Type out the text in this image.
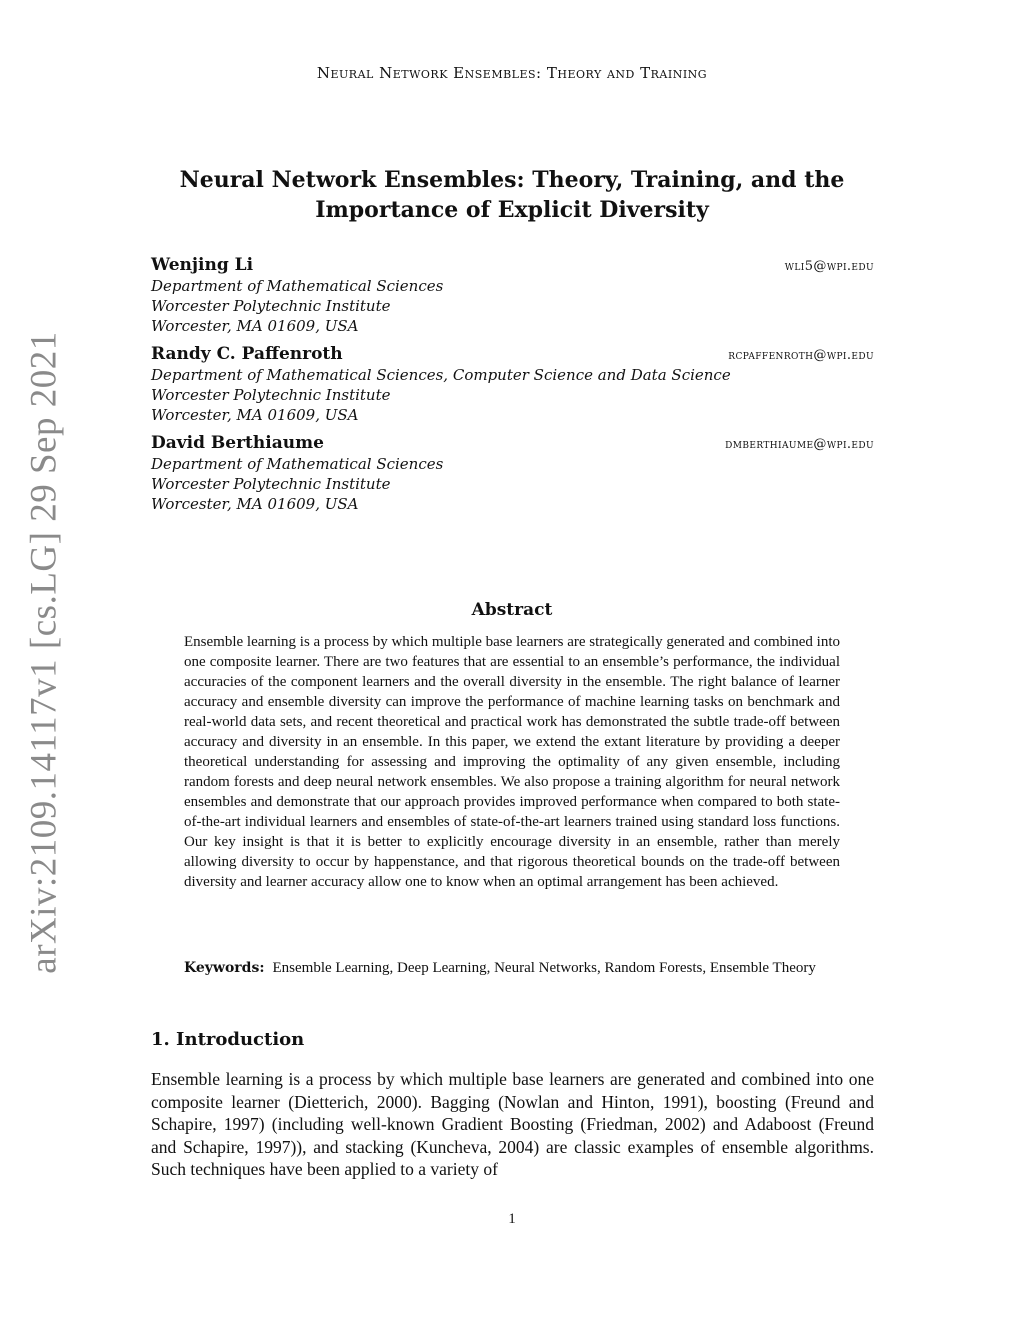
Neural Network Ensembles: Theory and Training
arXiv:2109.14117v1 [cs.LG] 29 Sep 2021
Neural Network Ensembles: Theory, Training, and the Importance of Explicit Diversity
Wenjing Li	wli5@wpi.edu
Department of Mathematical Sciences
Worcester Polytechnic Institute
Worcester, MA 01609, USA
Randy C. Paffenroth	rcpaffenroth@wpi.edu
Department of Mathematical Sciences, Computer Science and Data Science
Worcester Polytechnic Institute
Worcester, MA 01609, USA
David Berthiaume	dmberthiaume@wpi.edu
Department of Mathematical Sciences
Worcester Polytechnic Institute
Worcester, MA 01609, USA
Abstract
Ensemble learning is a process by which multiple base learners are strategically generated and combined into one composite learner. There are two features that are essential to an ensemble’s performance, the individual accuracies of the component learners and the overall diversity in the ensemble. The right balance of learner accuracy and ensemble diversity can improve the performance of machine learning tasks on benchmark and real-world data sets, and recent theoretical and practical work has demonstrated the subtle trade-off between accuracy and diversity in an ensemble. In this paper, we extend the extant literature by providing a deeper theoretical understanding for assessing and improving the optimality of any given ensemble, including random forests and deep neural network ensembles. We also propose a training algorithm for neural network ensembles and demonstrate that our approach provides improved performance when compared to both state-of-the-art individual learners and ensembles of state-of-the-art learners trained using standard loss functions. Our key insight is that it is better to explicitly encourage diversity in an ensemble, rather than merely allowing diversity to occur by happenstance, and that rigorous theoretical bounds on the trade-off between diversity and learner accuracy allow one to know when an optimal arrangement has been achieved.
Keywords: Ensemble Learning, Deep Learning, Neural Networks, Random Forests, Ensemble Theory
1. Introduction
Ensemble learning is a process by which multiple base learners are generated and combined into one composite learner (Dietterich, 2000). Bagging (Nowlan and Hinton, 1991), boosting (Freund and Schapire, 1997) (including well-known Gradient Boosting (Friedman, 2002) and Adaboost (Freund and Schapire, 1997)), and stacking (Kuncheva, 2004) are classic examples of ensemble algorithms. Such techniques have been applied to a variety of
1
